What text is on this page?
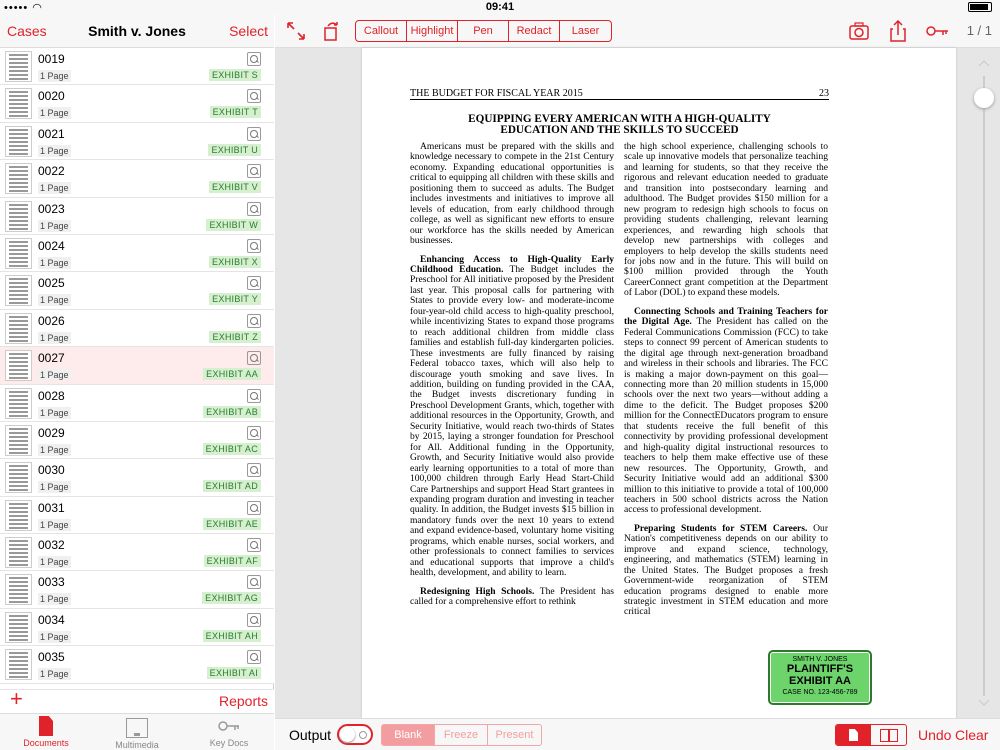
••••• ◠	09:41
Cases	Smith v. Jones	Select
0019
1 Page	EXHIBIT S
0020
1 Page	EXHIBIT T
0021
1 Page	EXHIBIT U
0022
1 Page	EXHIBIT V
0023
1 Page	EXHIBIT W
0024
1 Page	EXHIBIT X
0025
1 Page	EXHIBIT Y
0026
1 Page	EXHIBIT Z
0027
1 Page	EXHIBIT AA
0028
1 Page	EXHIBIT AB
0029
1 Page	EXHIBIT AC
0030
1 Page	EXHIBIT AD
0031
1 Page	EXHIBIT AE
0032
1 Page	EXHIBIT AF
0033
1 Page	EXHIBIT AG
0034
1 Page	EXHIBIT AH
0035
1 Page	EXHIBIT AI
+	Reports
Documents	Multimedia	Key Docs
Callout	Highlight	Pen	Redact	Laser	1 / 1
THE BUDGET FOR FISCAL YEAR 2015	23
EQUIPPING EVERY AMERICAN WITH A HIGH-QUALITY
EDUCATION AND THE SKILLS TO SUCCEED

Americans must be prepared with the skills and knowledge necessary to compete in the 21st Century economy. Expanding educational opportunities is critical to equipping all children with these skills and positioning them to succeed as adults. The Budget includes investments and initiatives to improve all levels of education, from early childhood through college, as well as significant new efforts to ensure our workforce has the skills needed by American businesses.

Enhancing Access to High-Quality Early Childhood Education. The Budget includes the Preschool for All initiative proposed by the President last year. This proposal calls for partnering with States to provide every low- and moderate-income four-year-old child access to high-quality preschool, while incentivizing States to expand those programs to reach additional children from middle class families and establish full-day kindergarten policies. These investments are fully financed by raising Federal tobacco taxes, which will also help to discourage youth smoking and save lives. In addition, building on funding provided in the CAA, the Budget invests discretionary funding in Preschool Development Grants, which, together with additional resources in the Opportunity, Growth, and Security Initiative, would reach two-thirds of States by 2015, laying a stronger foundation for Preschool for All. Additional funding in the Opportunity, Growth, and Security Initiative would also provide early learning opportunities to a total of more than 100,000 children through Early Head Start-Child Care Partnerships and support Head Start grantees in expanding program duration and investing in teacher quality. In addition, the Budget invests $15 billion in mandatory funds over the next 10 years to extend and expand evidence-based, voluntary home visiting programs, which enable nurses, social workers, and other professionals to connect families to services and educational supports that improve a child's health, development, and ability to learn.

Redesigning High Schools. The President has called for a comprehensive effort to rethink

the high school experience, challenging schools to scale up innovative models that personalize teaching and learning for students, so that they receive the rigorous and relevant education needed to graduate and transition into postsecondary learning and adulthood. The Budget provides $150 million for a new program to redesign high schools to focus on providing students challenging, relevant learning experiences, and rewarding high schools that develop new partnerships with colleges and employers to help develop the skills students need for jobs now and in the future. This will build on $100 million provided through the Youth CareerConnect grant competition at the Department of Labor (DOL) to expand these models.

Connecting Schools and Training Teachers for the Digital Age. The President has called on the Federal Communications Commission (FCC) to take steps to connect 99 percent of American students to the digital age through next-generation broadband and wireless in their schools and libraries. The FCC is making a major down-payment on this goal—connecting more than 20 million students in 15,000 schools over the next two years—without adding a dime to the deficit. The Budget proposes $200 million for the ConnectEDucators program to ensure that students receive the full benefit of this connectivity by providing professional development and high-quality digital instructional resources to teachers to help them make effective use of these new resources. The Opportunity, Growth, and Security Initiative would add an additional $300 million to this initiative to provide a total of 100,000 teachers in 500 school districts across the Nation access to professional development.

Preparing Students for STEM Careers. Our Nation's competitiveness depends on our ability to improve and expand science, technology, engineering, and mathematics (STEM) learning in the United States. The Budget proposes a fresh Government-wide reorganization of STEM education programs designed to enable more strategic investment in STEM education and more critical

SMITH V. JONES
PLAINTIFF'S
EXHIBIT AA
CASE NO. 123-456-789
Output	Blank	Freeze	Present	Undo Clear
